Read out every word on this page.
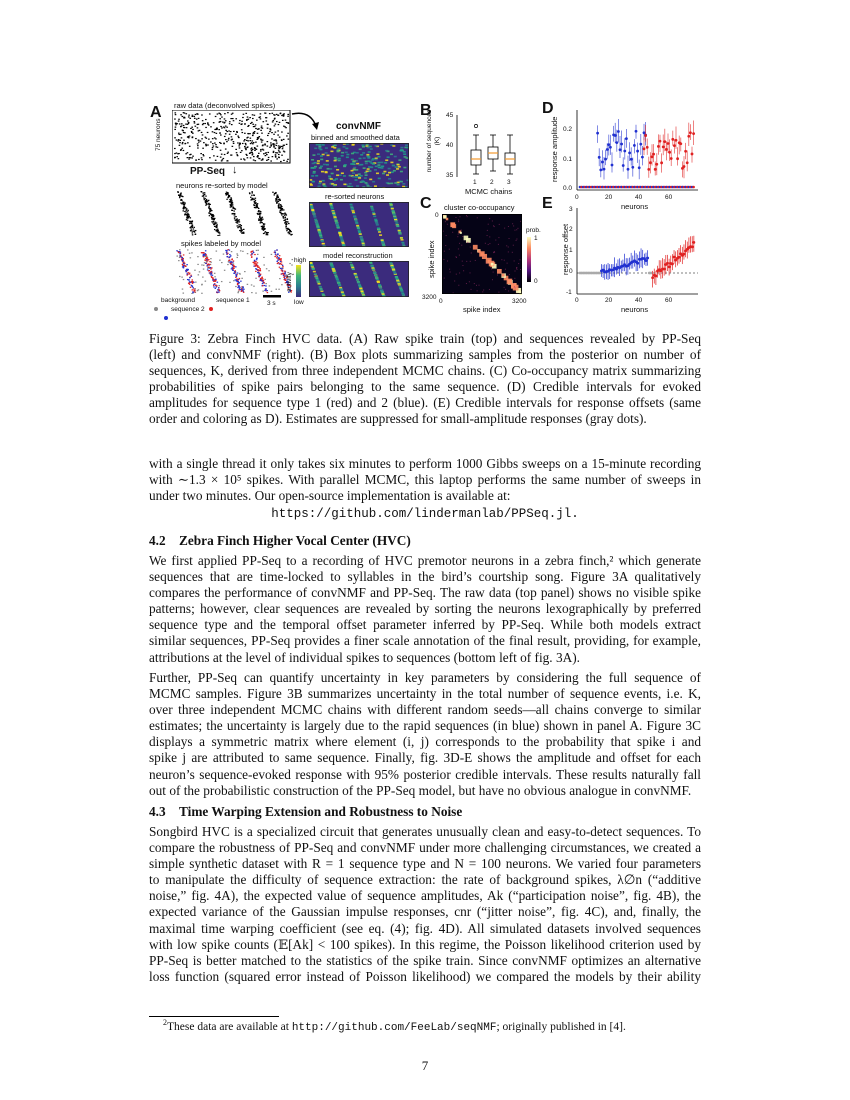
A raw data (deconvolved spikes)
75 neurons
PP-Seq ↓
neurons re-sorted by model
spikes labeled by model
3 s
background	sequence 1
sequence 2
convNMF
binned and smoothed data
re-sorted neurons
model reconstruction
high
low
activity
B
number of sequences (K)
45
40
35
1 2 3
MCMC chains
C cluster co-occupancy
spike index
0
3200
0	3200
spike index
prob.
1
0
D
response amplitude 0.2
0.1
0.0
0	20	40	60
neurons
E
response offset
3
2
1
0
-1
0	20	40	60
neurons
Figure 3: Zebra Finch HVC data. (A) Raw spike train (top) and sequences revealed by PP-Seq
(left) and convNMF (right). (B) Box plots summarizing samples from the posterior on number of
sequences, K, derived from three independent MCMC chains. (C) Co-occupancy matrix summarizing
probabilities of spike pairs belonging to the same sequence. (D) Credible intervals for evoked
amplitudes for sequence type 1 (red) and 2 (blue). (E) Credible intervals for response offsets (same
order and coloring as D). Estimates are suppressed for small-amplitude responses (gray dots).
with a single thread it only takes six minutes to perform 1000 Gibbs sweeps on a 15-minute recording
with ∼1.3 × 10⁵ spikes. With parallel MCMC, this laptop performs the same number of sweeps in
under two minutes. Our open-source implementation is available at:
https://github.com/lindermanlab/PPSeq.jl.
4.2 Zebra Finch Higher Vocal Center (HVC)
We first applied PP-Seq to a recording of HVC premotor neurons in a zebra finch,² which generate
sequences that are time-locked to syllables in the bird’s courtship song. Figure 3A qualitatively
compares the performance of convNMF and PP-Seq. The raw data (top panel) shows no visible spike
patterns; however, clear sequences are revealed by sorting the neurons lexographically by preferred
sequence type and the temporal offset parameter inferred by PP-Seq. While both models extract
similar sequences, PP-Seq provides a finer scale annotation of the final result, providing, for example,
attributions at the level of individual spikes to sequences (bottom left of fig. 3A).
Further, PP-Seq can quantify uncertainty in key parameters by considering the full sequence of
MCMC samples. Figure 3B summarizes uncertainty in the total number of sequence events, i.e. K,
over three independent MCMC chains with different random seeds—all chains converge to similar
estimates; the uncertainty is largely due to the rapid sequences (in blue) shown in panel A. Figure 3C
displays a symmetric matrix where element (i, j) corresponds to the probability that spike i and
spike j are attributed to same sequence. Finally, fig. 3D-E shows the amplitude and offset for each
neuron’s sequence-evoked response with 95% posterior credible intervals. These results naturally fall
out of the probabilistic construction of the PP-Seq model, but have no obvious analogue in convNMF.
4.3 Time Warping Extension and Robustness to Noise
Songbird HVC is a specialized circuit that generates unusually clean and easy-to-detect sequences. To
compare the robustness of PP-Seq and convNMF under more challenging circumstances, we created a
simple synthetic dataset with R = 1 sequence type and N = 100 neurons. We varied four parameters
to manipulate the difficulty of sequence extraction: the rate of background spikes, λ∅n (“additive
noise,” fig. 4A), the expected value of sequence amplitudes, Ak (“participation noise”, fig. 4B), the
expected variance of the Gaussian impulse responses, cnr (“jitter noise”, fig. 4C), and, finally, the
maximal time warping coefficient (see eq. (4); fig. 4D). All simulated datasets involved sequences
with low spike counts (𝔼[Ak] < 100 spikes). In this regime, the Poisson likelihood criterion used by
PP-Seq is better matched to the statistics of the spike train. Since convNMF optimizes an alternative
loss function (squared error instead of Poisson likelihood) we compared the models by their ability
$^2$These data are available at http://github.com/FeeLab/seqNMF; originally published in [4].
7
